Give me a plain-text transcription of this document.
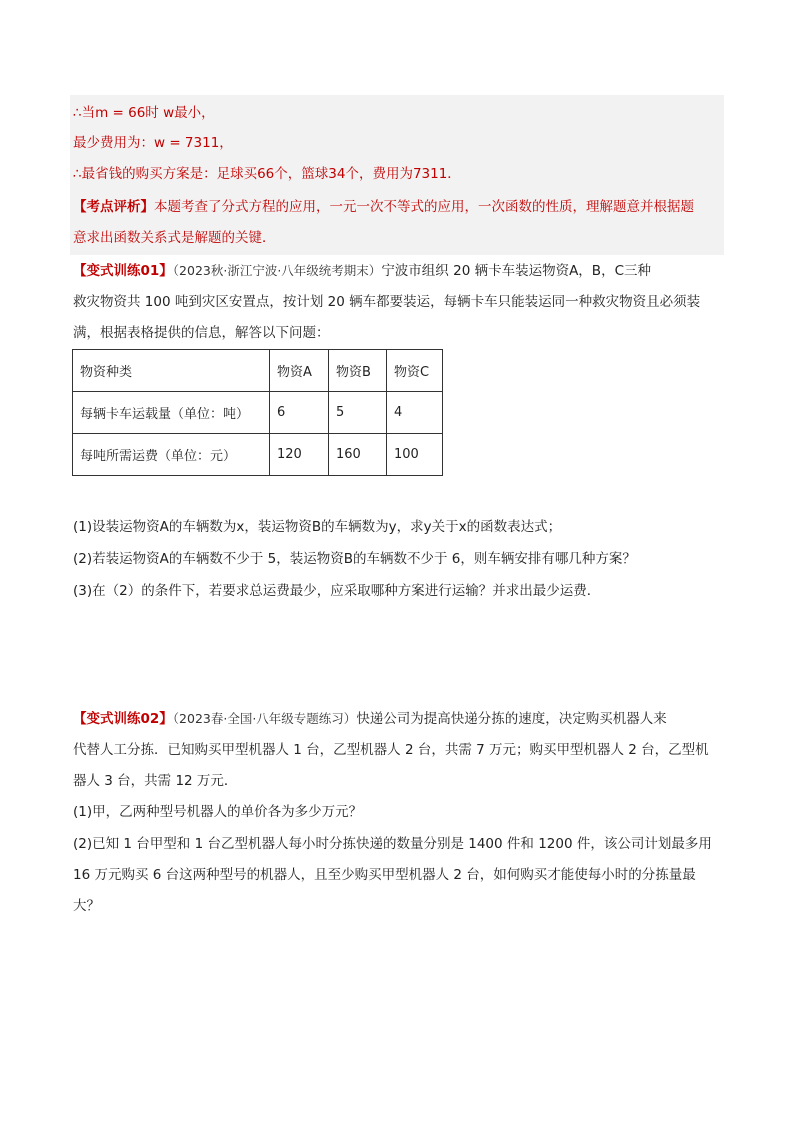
∴当m = 66时 w最小，
最少费用为：w = 7311，
∴最省钱的购买方案是：足球买66个，篮球34个，费用为7311．
【考点评析】本题考查了分式方程的应用，一元一次不等式的应用，一次函数的性质，理解题意并根据题
意求出函数关系式是解题的关键．
【变式训练01】（2023秋·浙江宁波·八年级统考期末）宁波市组织 20 辆卡车装运物资A，B，C三种
救灾物资共 100 吨到灾区安置点，按计划 20 辆车都要装运，每辆卡车只能装运同一种救灾物资且必须装
满，根据表格提供的信息，解答以下问题：
物资种类	物资A	物资B	物资C
每辆卡车运载量（单位：吨）	6	5	4
每吨所需运费（单位：元）	120	160	100
(1)设装运物资A的车辆数为x，装运物资B的车辆数为y，求y关于x的函数表达式；
(2)若装运物资A的车辆数不少于 5，装运物资B的车辆数不少于 6，则车辆安排有哪几种方案？
(3)在（2）的条件下，若要求总运费最少，应采取哪种方案进行运输？并求出最少运费．
【变式训练02】（2023春·全国·八年级专题练习）快递公司为提高快递分拣的速度，决定购买机器人来
代替人工分拣．已知购买甲型机器人 1 台，乙型机器人 2 台，共需 7 万元；购买甲型机器人 2 台，乙型机
器人 3 台，共需 12 万元．
(1)甲，乙两种型号机器人的单价各为多少万元？
(2)已知 1 台甲型和 1 台乙型机器人每小时分拣快递的数量分别是 1400 件和 1200 件，该公司计划最多用
16 万元购买 6 台这两种型号的机器人，且至少购买甲型机器人 2 台，如何购买才能使每小时的分拣量最
大？
